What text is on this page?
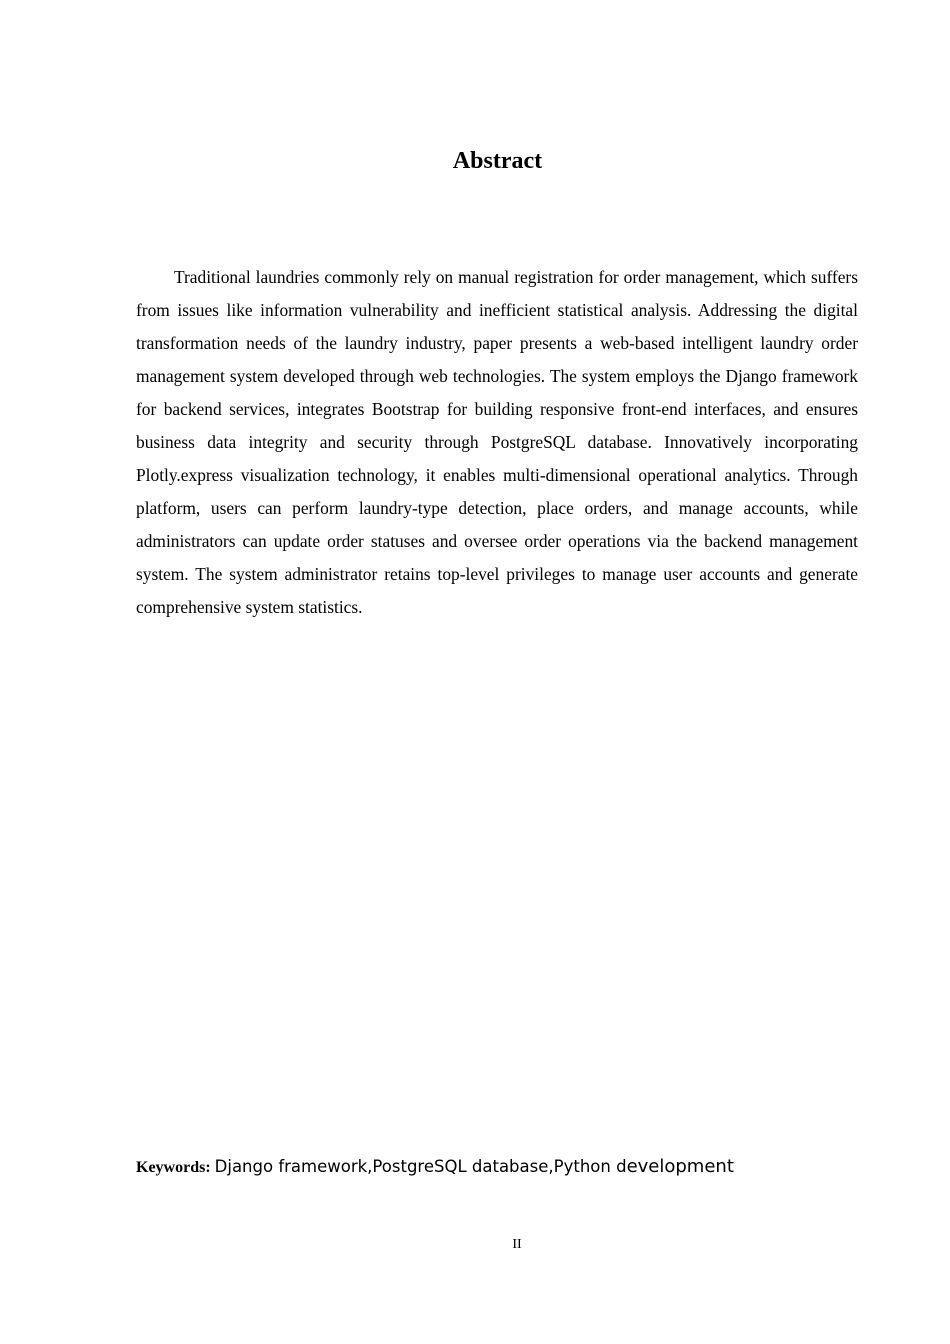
Abstract

Traditional laundries commonly rely on manual registration for order management, which suffers from issues like information vulnerability and inefficient statistical analysis. Addressing the digital transformation needs of the laundry industry, paper presents a web-based intelligent laundry order management system developed through web technologies. The system employs the Django framework for backend services, integrates Bootstrap for building responsive front-end interfaces, and ensures business data integrity and security through PostgreSQL database. Innovatively incorporating Plotly.express visualization technology, it enables multi-dimensional operational analytics. Through platform, users can perform laundry-type detection, place orders, and manage accounts, while administrators can update order statuses and oversee order operations via the backend management system. The system administrator retains top-level privileges to manage user accounts and generate comprehensive system statistics.

Keywords: Django framework,PostgreSQL database,Python development
II
